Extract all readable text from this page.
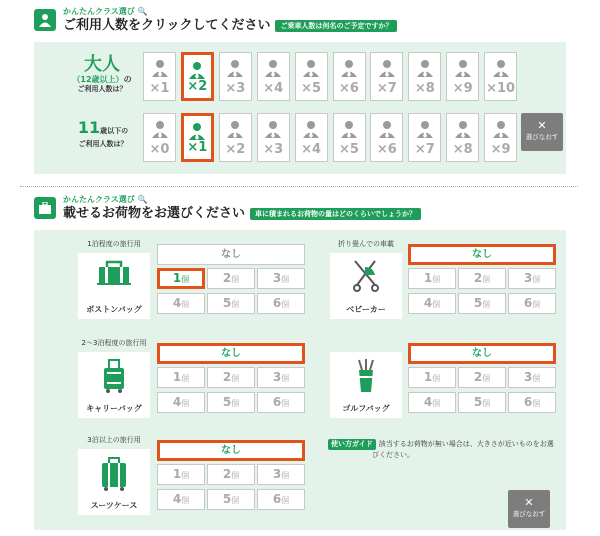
かんたんクラス選び 🔍
ご利用人数をクリックしてください	ご乗車人数は何名のご予定ですか？
大人
（12歳以上）の
ご利用人数は？	×1	×2	×3	×4	×5	×6	×7	×8	×9	×10
11歳以下の
ご利用人数は？	×0	×1	×2	×3	×4	×5	×6	×7	×8	×9
✕
選びなおす
かんたんクラス選び 🔍
載せるお荷物をお選びください	車に積まれるお荷物の量はどのくらいでしょうか？
1泊程度の旅行用
ボストンバッグ
なし
1個	2個	3個
4個	5個	6個
折り畳んでの車載
ベビーカー
なし
1個	2個	3個
4個	5個	6個
2〜3泊程度の旅行用
キャリーバッグ
なし
1個	2個	3個
4個	5個	6個
ゴルフバッグ
なし
1個	2個	3個
4個	5個	6個
3泊以上の旅行用
スーツケース
なし
1個	2個	3個
4個	5個	6個
使い方ガイド 該当するお荷物が無い場合は、大きさが近いものをお選
びください。
✕
選びなおす
